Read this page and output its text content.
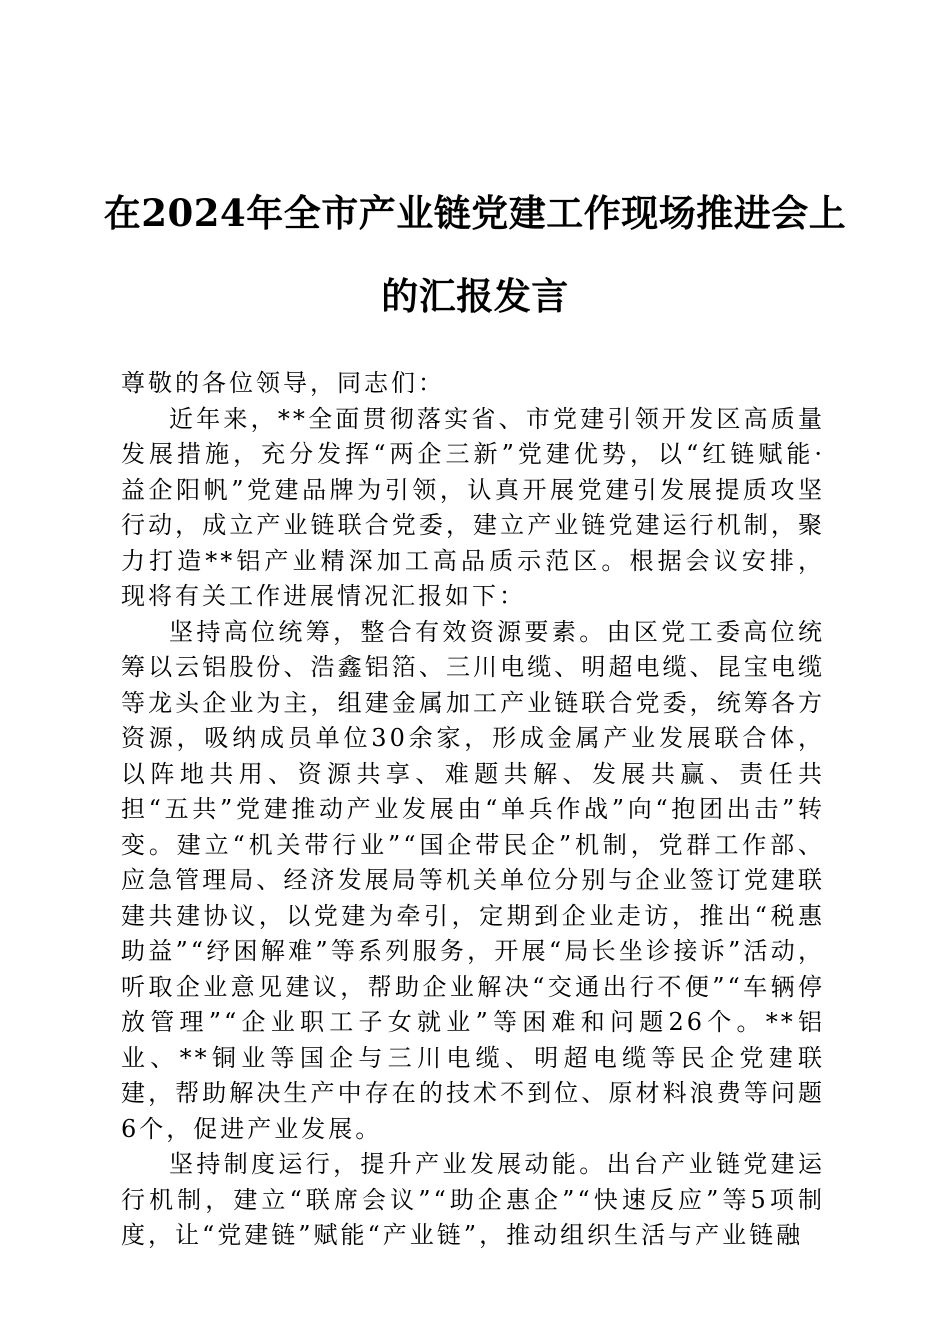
在2024年全市产业链党建工作现场推进会上
的汇报发言

尊敬的各位领导，同志们：

近年来，**全面贯彻落实省、市党建引领开发区高质量发展措施，充分发挥“两企三新”党建优势，以“红链赋能·益企阳帆”党建品牌为引领，认真开展党建引发展提质攻坚行动，成立产业链联合党委，建立产业链党建运行机制，聚力打造**铝产业精深加工高品质示范区。根据会议安排，现将有关工作进展情况汇报如下：

坚持高位统筹，整合有效资源要素。由区党工委高位统筹以云铝股份、浩鑫铝箔、三川电缆、明超电缆、昆宝电缆等龙头企业为主，组建金属加工产业链联合党委，统筹各方资源，吸纳成员单位30余家，形成金属产业发展联合体，以阵地共用、资源共享、难题共解、发展共赢、责任共担“五共”党建推动产业发展由“单兵作战”向“抱团出击”转变。建立“机关带行业”“国企带民企”机制，党群工作部、应急管理局、经济发展局等机关单位分别与企业签订党建联建共建协议，以党建为牵引，定期到企业走访，推出“税惠助益”“纾困解难”等系列服务，开展“局长坐诊接诉”活动，听取企业意见建议，帮助企业解决“交通出行不便”“车辆停放管理”“企业职工子女就业”等困难和问题26个。**铝业、**铜业等国企与三川电缆、明超电缆等民企党建联建，帮助解决生产中存在的技术不到位、原材料浪费等问题6个，促进产业发展。

坚持制度运行，提升产业发展动能。出台产业链党建运行机制，建立“联席会议”“助企惠企”“快速反应”等5项制度，让“党建链”赋能“产业链”，推动组织生活与产业链融
